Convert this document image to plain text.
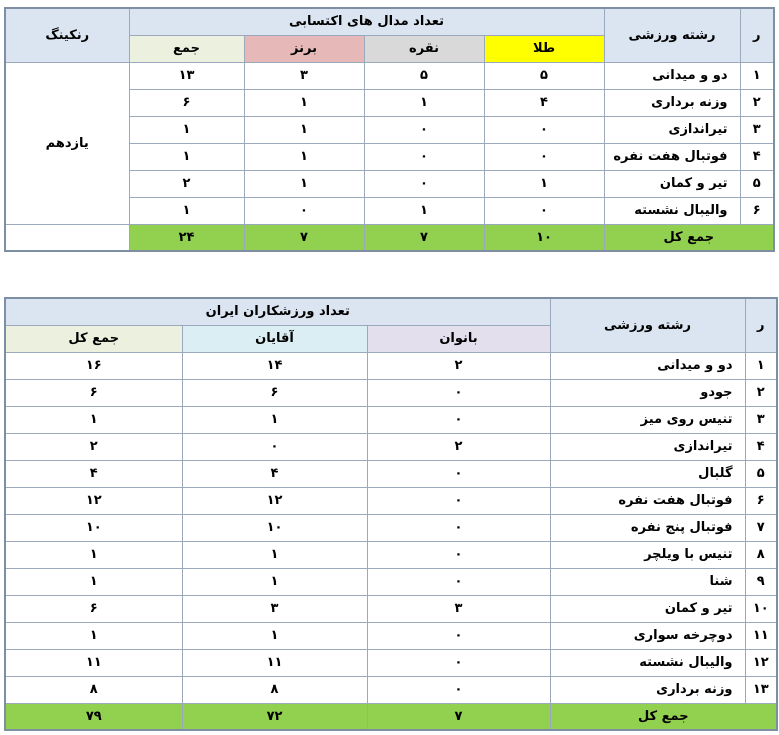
ر	رشته ورزشی	تعداد مدال های اکتسابی				رنکینگ
		طلا	نقره	برنز	جمع	
۱	دو و میدانی	۵	۵	۳	۱۳	یازدهم
۲	وزنه برداری	۴	۱	۱	۶	
۳	تیراندازی	۰	۰	۱	۱	
۴	فوتبال هفت نفره	۰	۰	۱	۱	
۵	تیر و کمان	۱	۰	۱	۲	
۶	والیبال نشسته	۰	۱	۰	۱	
جمع کل		۱۰	۷	۷	۲۴	
ر	رشته ورزشی	تعداد ورزشکاران ایران		
		بانوان	آقایان	جمع کل
۱	دو و میدانی	۲	۱۴	۱۶
۲	جودو	۰	۶	۶
۳	تنیس روی میز	۰	۱	۱
۴	تیراندازی	۲	۰	۲
۵	گلبال	۰	۴	۴
۶	فوتبال هفت نفره	۰	۱۲	۱۲
۷	فوتبال پنج نفره	۰	۱۰	۱۰
۸	تنیس با ویلچر	۰	۱	۱
۹	شنا	۰	۱	۱
۱۰	تیر و کمان	۳	۳	۶
۱۱	دوچرخه سواری	۰	۱	۱
۱۲	والیبال نشسته	۰	۱۱	۱۱
۱۳	وزنه برداری	۰	۸	۸
جمع کل		۷	۷۲	۷۹
